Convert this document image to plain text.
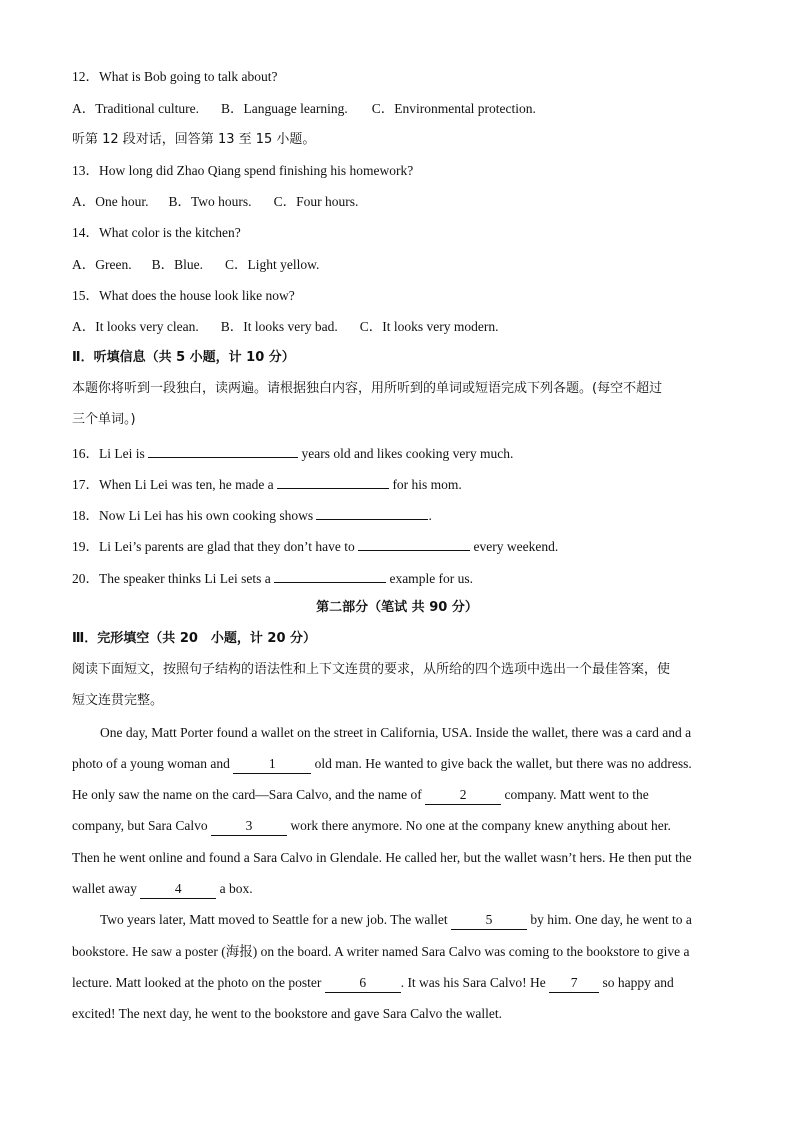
12．What is Bob going to talk about?
A．Traditional culture. B．Language learning. C．Environmental protection.
听第 12 段对话，回答第 13 至 15 小题。
13．How long did Zhao Qiang spend finishing his homework?
A．One hour. B．Two hours. C．Four hours.
14．What color is the kitchen?
A．Green. B．Blue. C．Light yellow.
15．What does the house look like now?
A．It looks very clean. B．It looks very bad. C．It looks very modern.
Ⅱ．听填信息（共 5 小题，计 10 分）
本题你将听到一段独白，读两遍。请根据独白内容，用所听到的单词或短语完成下列各题。(每空不超过
三个单词。)
16．Li Lei is	years old and likes cooking very much.
17．When Li Lei was ten, he made a	for his mom.
18．Now Li Lei has his own cooking shows	.
19．Li Lei’s parents are glad that they don’t have to	every weekend.
20．The speaker thinks Li Lei sets a	example for us.
第二部分（笔试 共 90 分）
Ⅲ．完形填空（共 20　小题，计 20 分）
阅读下面短文，按照句子结构的语法性和上下文连贯的要求，从所给的四个选项中选出一个最佳答案，使
短文连贯完整。
One day, Matt Porter found a wallet on the street in California, USA. Inside the wallet, there was a card and a
photo of a young woman and	1	old man. He wanted to give back the wallet, but there was no address.
He only saw the name on the card—Sara Calvo, and the name of	2	company. Matt went to the
company, but Sara Calvo	3	work there anymore. No one at the company knew anything about her.
Then he went online and found a Sara Calvo in Glendale. He called her, but the wallet wasn’t hers. He then put the
wallet away	4	a box.
Two years later, Matt moved to Seattle for a new job. The wallet	5	by him. One day, he went to a
bookstore. He saw a poster (海报) on the board. A writer named Sara Calvo was coming to the bookstore to give a
lecture. Matt looked at the photo on the poster	6	. It was his Sara Calvo! He 7 so happy and
excited! The next day, he went to the bookstore and gave Sara Calvo the wallet.
